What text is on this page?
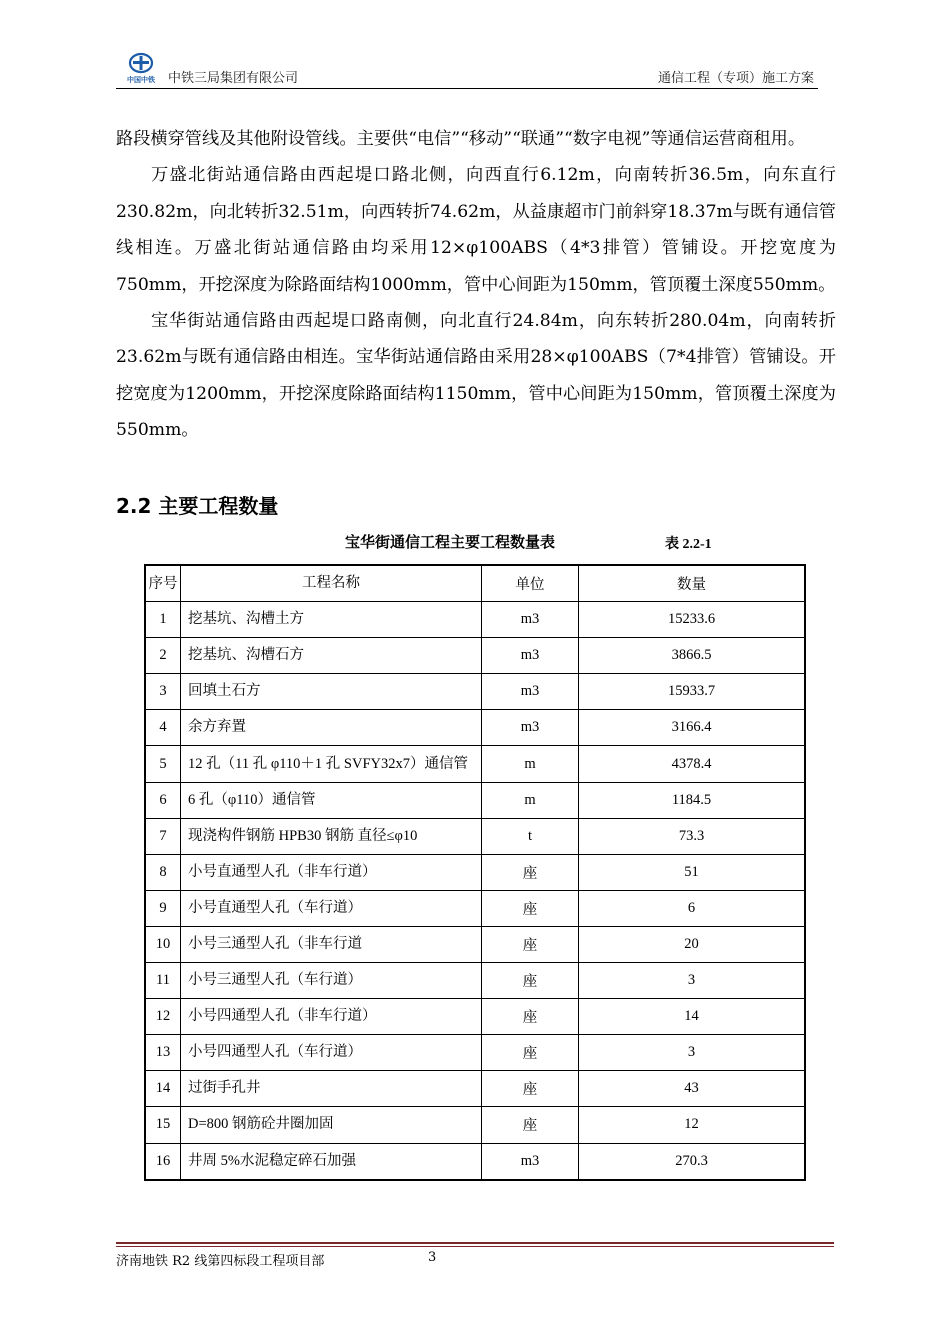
中国中铁 中铁三局集团有限公司	通信工程（专项）施工方案

路段横穿管线及其他附设管线。主要供“电信”“移动”“联通”“数字电视”等通信运营商租用。

万盛北街站通信路由西起堤口路北侧，向西直行6.12m，向南转折36.5m，向东直行230.82m，向北转折32.51m，向西转折74.62m，从益康超市门前斜穿18.37m与既有通信管线相连。万盛北街站通信路由均采用12×φ100ABS（4*3排管）管铺设。开挖宽度为750mm，开挖深度为除路面结构1000mm，管中心间距为150mm，管顶覆土深度550mm。

宝华街站通信路由西起堤口路南侧，向北直行24.84m，向东转折280.04m，向南转折23.62m与既有通信路由相连。宝华街站通信路由采用28×φ100ABS（7*4排管）管铺设。开挖宽度为1200mm，开挖深度除路面结构1150mm，管中心间距为150mm，管顶覆土深度为550mm。

2.2 主要工程数量
宝华街通信工程主要工程数量表	表 2.2-1
序号	工程名称	单位	数量
1	挖基坑、沟槽土方	m3	15233.6
2	挖基坑、沟槽石方	m3	3866.5
3	回填土石方	m3	15933.7
4	余方弃置	m3	3166.4
5	12 孔（11 孔 φ110＋1 孔 SVFY32x7）通信管	m	4378.4
6	6 孔（φ110）通信管	m	1184.5
7	现浇构件钢筋 HPB30 钢筋 直径≤φ10	t	73.3
8	小号直通型人孔（非车行道）	座	51
9	小号直通型人孔（车行道）	座	6
10	小号三通型人孔（非车行道	座	20
11	小号三通型人孔（车行道）	座	3
12	小号四通型人孔（非车行道）	座	14
13	小号四通型人孔（车行道）	座	3
14	过街手孔井	座	43
15	D=800 钢筋砼井圈加固	座	12
16	井周 5%水泥稳定碎石加强	m3	270.3
济南地铁 R2 线第四标段工程项目部	3
